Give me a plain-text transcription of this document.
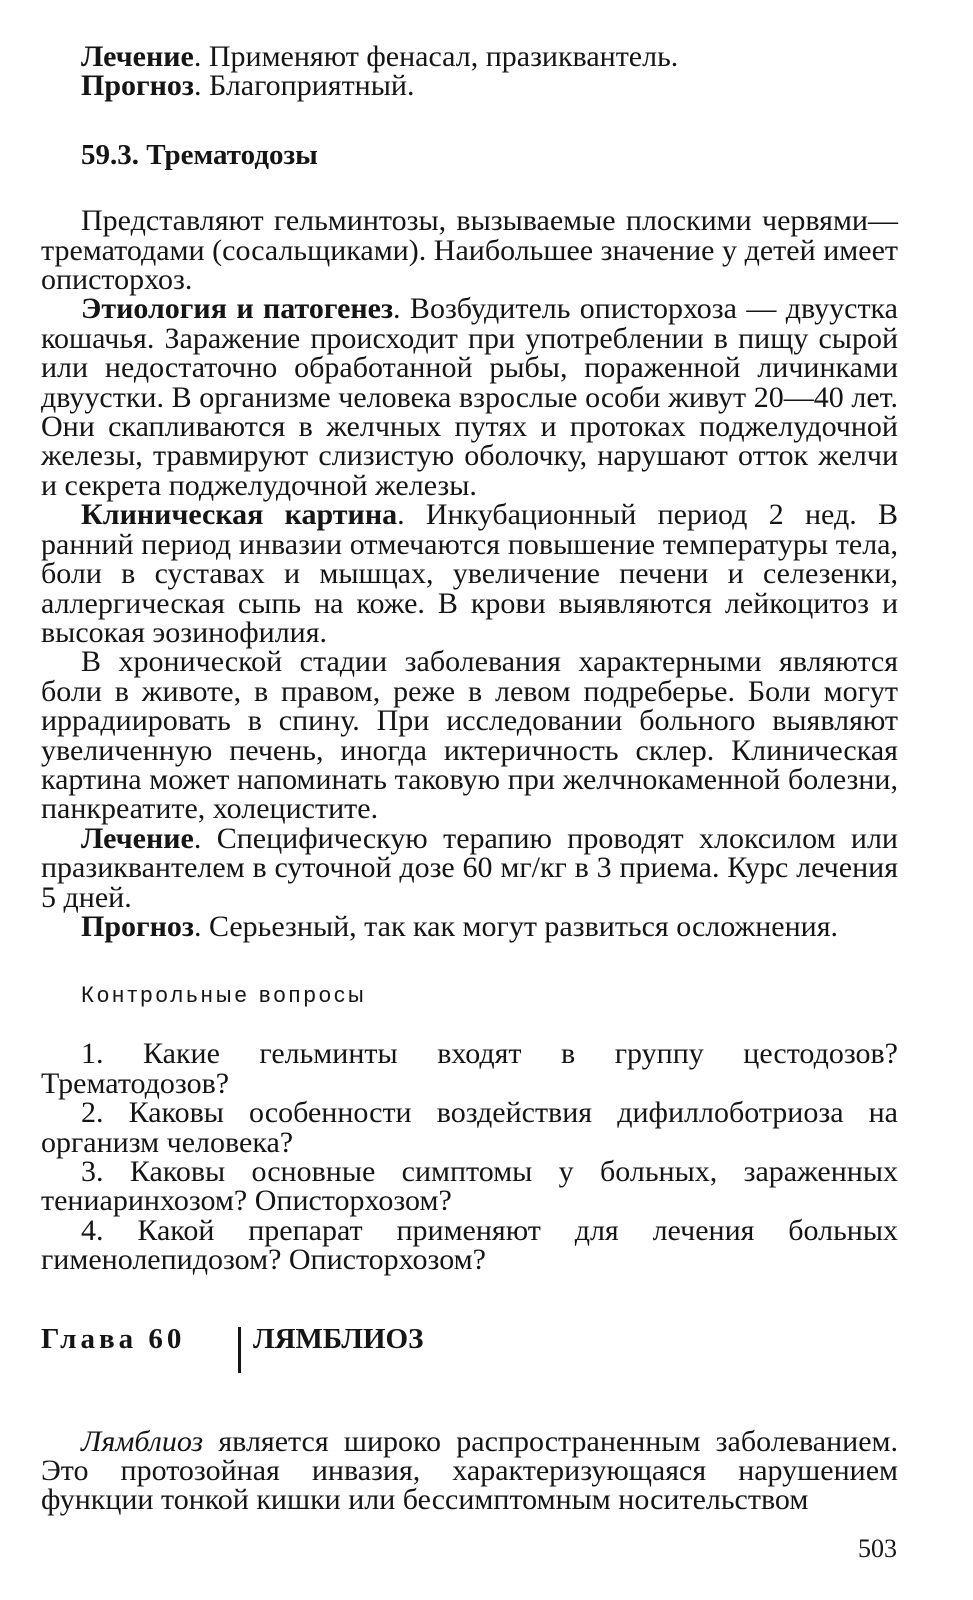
Лечение. Применяют фенасал, празиквантель.

Прогноз. Благоприятный.

59.3. Трематодозы

Представляют гельминтозы, вызываемые плоскими червями—трематодами (сосальщиками). Наибольшее значение у детей имеет описторхоз.

Этиология и патогенез. Возбудитель описторхоза — двуустка кошачья. Заражение происходит при употреблении в пищу сырой или недостаточно обработанной рыбы, пораженной личинками двуустки. В организме человека взрослые особи живут 20—40 лет. Они скапливаются в желчных путях и протоках поджелудочной железы, травмируют слизистую оболочку, нарушают отток желчи и секрета поджелудочной железы.

Клиническая картина. Инкубационный период 2 нед. В ранний период инвазии отмечаются повышение температуры тела, боли в суставах и мышцах, увеличение печени и селезенки, аллергическая сыпь на коже. В крови выявляются лейкоцитоз и высокая эозинофилия.

В хронической стадии заболевания характерными являются боли в животе, в правом, реже в левом подреберье. Боли могут иррадиировать в спину. При исследовании больного выявляют увеличенную печень, иногда иктеричность склер. Клиническая картина может напоминать таковую при желчнокаменной болезни, панкреатите, холецистите.

Лечение. Специфическую терапию проводят хлоксилом или празиквантелем в суточной дозе 60 мг/кг в 3 приема. Курс лечения 5 дней.

Прогноз. Серьезный, так как могут развиться осложнения.

Контрольные вопросы

1. Какие гельминты входят в группу цестодозов? Трематодозов?

2. Каковы особенности воздействия дифиллоботриоза на организм человека?

3. Каковы основные симптомы у больных, зараженных тениаринхозом? Описторхозом?

4. Какой препарат применяют для лечения больных гименолепидозом? Описторхозом?

Глава 60 ЛЯМБЛИОЗ

Лямблиоз является широко распространенным заболеванием. Это протозойная инвазия, характеризующаяся нарушением функции тонкой кишки или бессимптомным носительством

503
